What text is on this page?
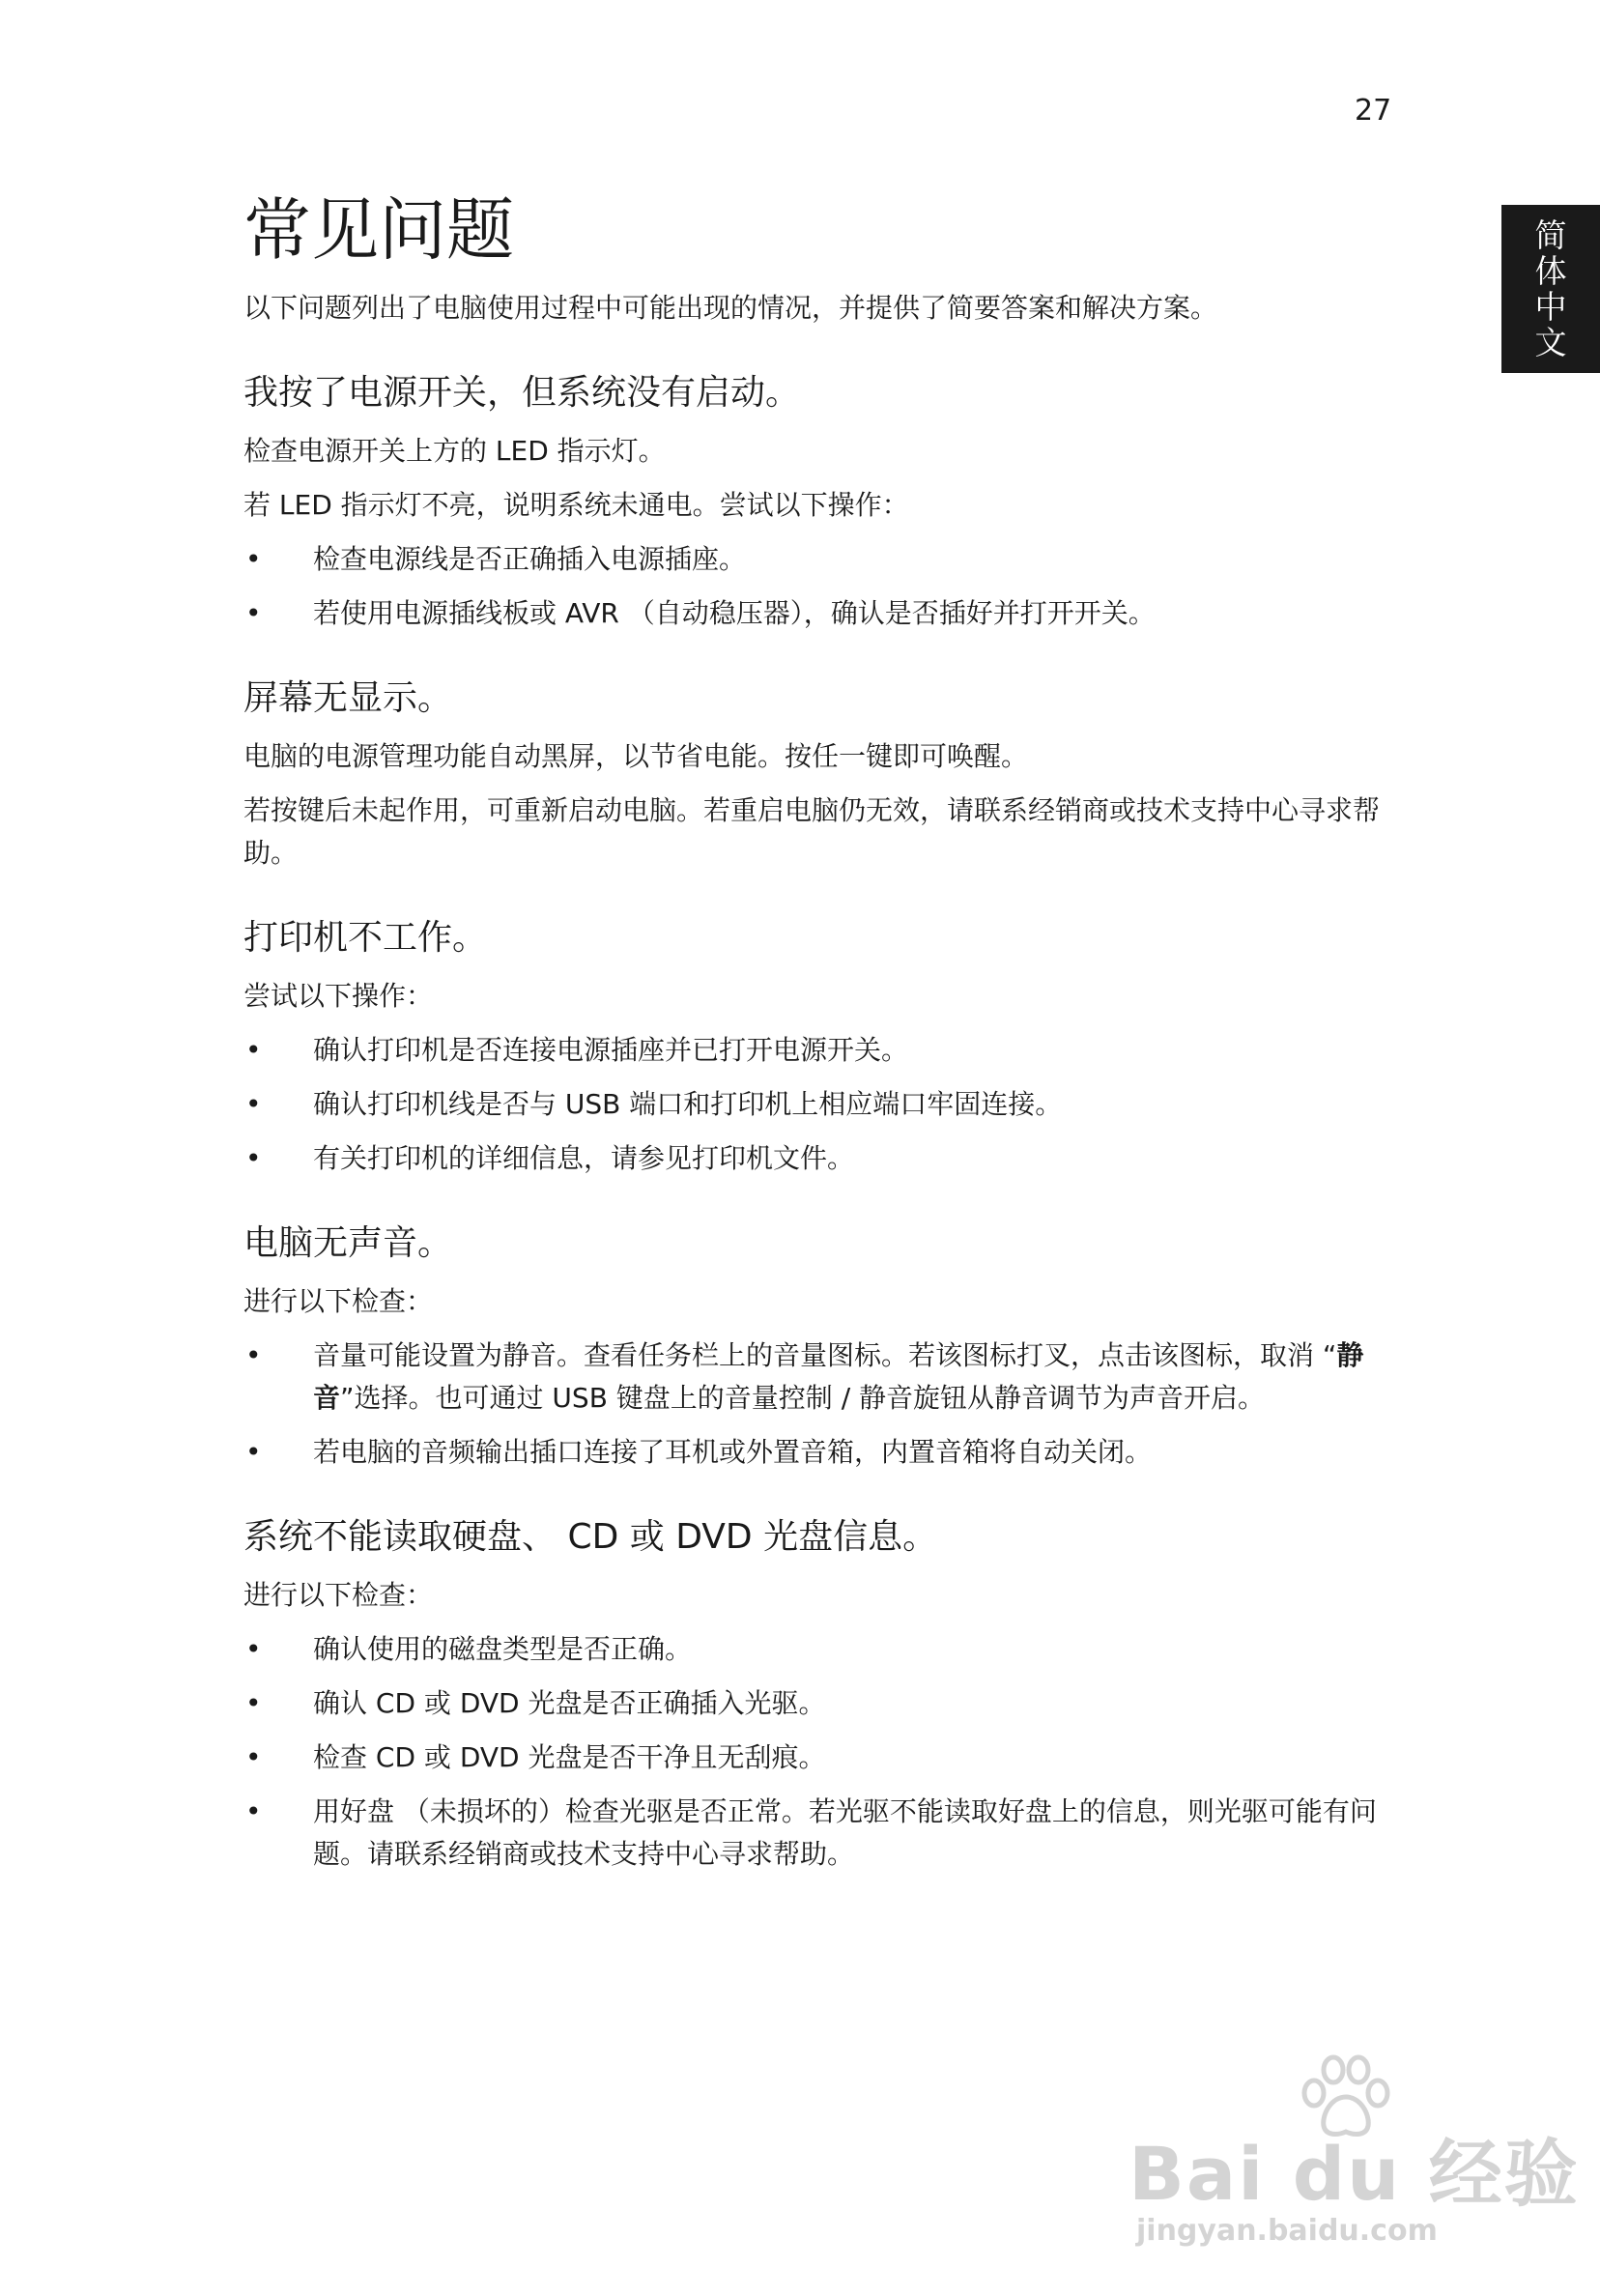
27
简
体
中
文
常见问题

以下问题列出了电脑使用过程中可能出现的情况，并提供了简要答案和解决方案。

我按了电源开关，但系统没有启动。

检查电源开关上方的 LED 指示灯。

若 LED 指示灯不亮，说明系统未通电。尝试以下操作：

• 检查电源线是否正确插入电源插座。
• 若使用电源插线板或 AVR （自动稳压器），确认是否插好并打开开关。
屏幕无显示。

电脑的电源管理功能自动黑屏，以节省电能。按任一键即可唤醒。

若按键后未起作用，可重新启动电脑。若重启电脑仍无效，请联系经销商或技术支持中心寻求帮助。

打印机不工作。

尝试以下操作：

• 确认打印机是否连接电源插座并已打开电源开关。
• 确认打印机线是否与 USB 端口和打印机上相应端口牢固连接。
• 有关打印机的详细信息，请参见打印机文件。
电脑无声音。

进行以下检查：

• 音量可能设置为静音。查看任务栏上的音量图标。若该图标打叉，点击该图标，取消 “静音”选择。也可通过 USB 键盘上的音量控制 / 静音旋钮从静音调节为声音开启。
• 若电脑的音频输出插口连接了耳机或外置音箱，内置音箱将自动关闭。
系统不能读取硬盘、 CD 或 DVD 光盘信息。

进行以下检查：

• 确认使用的磁盘类型是否正确。
• 确认 CD 或 DVD 光盘是否正确插入光驱。
• 检查 CD 或 DVD 光盘是否干净且无刮痕。
• 用好盘 （未损坏的）检查光驱是否正常。若光驱不能读取好盘上的信息，则光驱可能有问题。请联系经销商或技术支持中心寻求帮助。
Bai du 经验
jingyan.baidu.com
